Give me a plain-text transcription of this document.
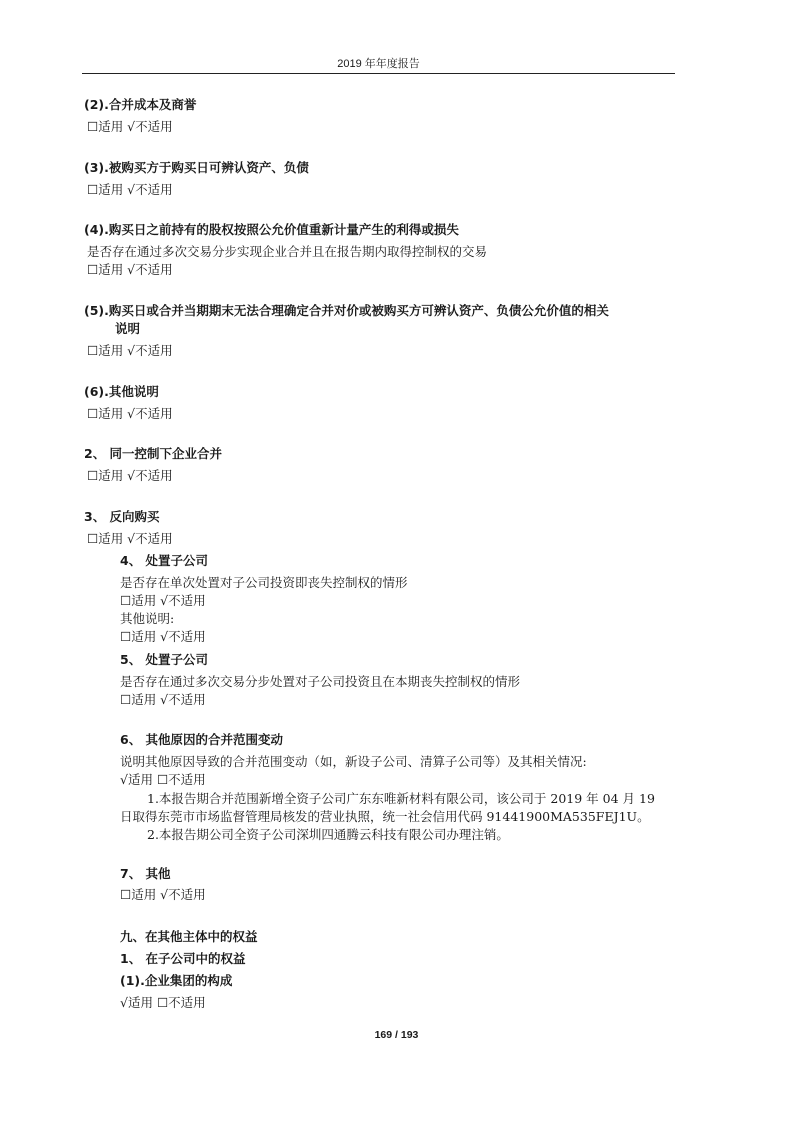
2019 年年度报告
(2).合并成本及商誉
☐适用 √不适用
(3).被购买方于购买日可辨认资产、负债
☐适用 √不适用
(4).购买日之前持有的股权按照公允价值重新计量产生的利得或损失
是否存在通过多次交易分步实现企业合并且在报告期内取得控制权的交易
☐适用 √不适用
(5).购买日或合并当期期末无法合理确定合并对价或被购买方可辨认资产、负债公允价值的相关
说明
☐适用 √不适用
(6).其他说明
☐适用 √不适用
2、 同一控制下企业合并
☐适用 √不适用
3、 反向购买
☐适用 √不适用
4、 处置子公司
是否存在单次处置对子公司投资即丧失控制权的情形
☐适用 √不适用
其他说明:
☐适用 √不适用
5、 处置子公司
是否存在通过多次交易分步处置对子公司投资且在本期丧失控制权的情形
☐适用 √不适用
6、 其他原因的合并范围变动
说明其他原因导致的合并范围变动（如，新设子公司、清算子公司等）及其相关情况:
√适用 ☐不适用
1.本报告期合并范围新增全资子公司广东东唯新材料有限公司，该公司于 2019 年 04 月 19
日取得东莞市市场监督管理局核发的营业执照，统一社会信用代码 91441900MA535FEJ1U。
2.本报告期公司全资子公司深圳四通腾云科技有限公司办理注销。
7、 其他
☐适用 √不适用
九、在其他主体中的权益
1、 在子公司中的权益
(1).企业集团的构成
√适用 ☐不适用
169 / 193
